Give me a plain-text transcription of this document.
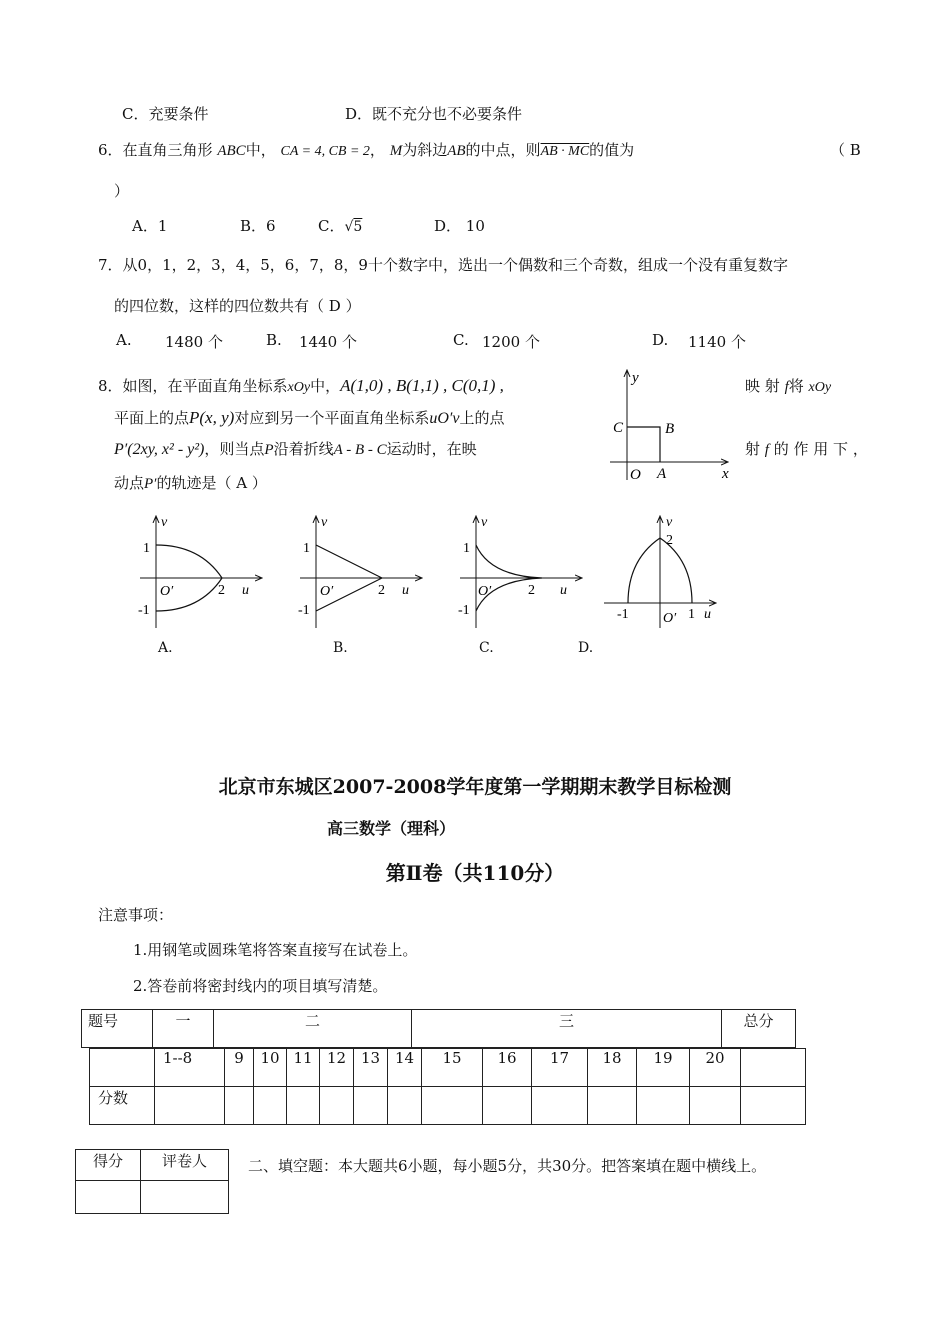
C．充要条件	D．既不充分也不必要条件
6．在直角三角形 ABC中， CA = 4, CB = 2， M为斜边AB的中点，则AB · MC的值为	（ B
）
A．1	B．6	C．√5	D． 10
7．从0，1，2，3，4，5，6，7，8，9十个数字中，选出一个偶数和三个奇数，组成一个没有重复数字
的四位数，这样的四位数共有（ D ）
A. 1480 个	B. 1440 个	C. 1200 个	D. 1140 个
8．如图，在平面直角坐标系xOy中，A(1,0) , B(1,1) , C(0,1) ,	映 射 f将 xOy
平面上的点P(x, y)对应到另一个平面直角坐标系uO′v上的点
P′(2xy, x² - y²)，则当点P沿着折线A - B - C运动时，在映	射 f 的 作 用 下 ，
动点P′的轨迹是（ A ）	x
y
O A
B
C
v
1
-1
O′	2 u
v
1
-1
O′	2 u
v
1
-1
O′	2 u
v
2
-1 O′ 1 u
A.	B.	C.	D.
北京市东城区2007-2008学年度第一学期期末教学目标检测
高三数学（理科）
第Ⅱ卷（共110分）
注意事项：
1.用钢笔或圆珠笔将答案直接写在试卷上。
2.答卷前将密封线内的项目填写清楚。
题号	一	二	三	总分
	1--8	9	10	11	12	13	14	15	16	17	18	19	20	
分数														
得分	评卷人
		二、填空题：本大题共6小题，每小题5分，共30分。把答案填在题中横线上。
